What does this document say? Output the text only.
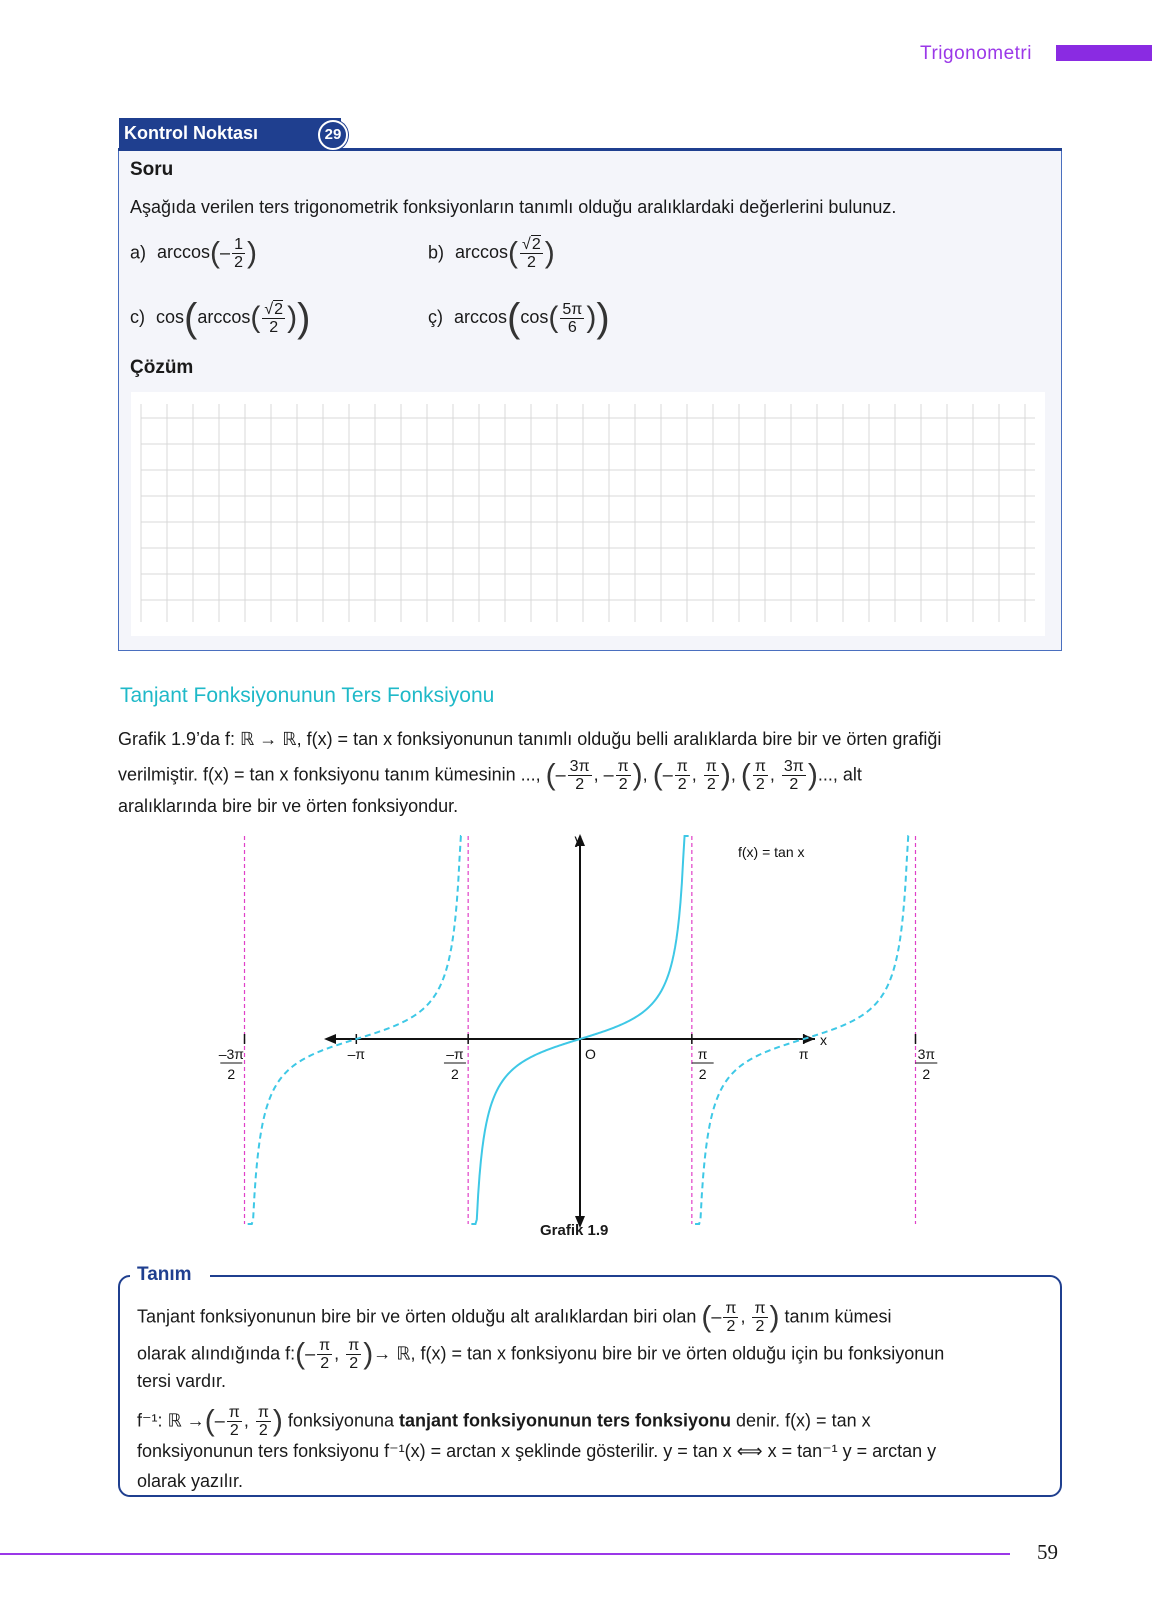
Trigonometri
Kontrol Noktası	29
Soru
Aşağıda verilen ters trigonometrik fonksiyonların tanımlı olduğu aralıklardaki değerlerini bulunuz.
a) $\arccos(- \frac{1}{2}$ )	b) $\arccos( \frac{√2}{2}$ )
c) $\cos(\arccos( \frac{√2}{2}$ ))	ç) $\arccos(\cos( \frac{5\pi}{6}$ ))
Çözüm
Tanjant Fonksiyonunun Ters Fonksiyonu
Grafik 1.9’da f: ℝ → ℝ, f(x) = tan x fonksiyonunun tanımlı olduğu belli aralıklarda bire bir ve örten grafiği
verilmiştir. f(x) = tan x fonksiyonu tanım kümesinin ..., (– $\frac{3\pi}{2}$ , – $\frac{\pi}{2}$ ), (– $\frac{\pi}{2}$ , $\frac{\pi}{2}$ ), ( $\frac{\pi}{2}$ , $\frac{3\pi}{2}$ )..., alt
aralıklarında bire bir ve örten fonksiyondur.
x
y
O
f(x) = tan x
–3π
2
–π	–π
2
π
2
π	3π
2
Grafik 1.9
Tanım
Tanjant fonksiyonunun bire bir ve örten olduğu alt aralıklardan biri olan (– $\frac{\pi}{2}$ , $\frac{\pi}{2}$ ) tanım kümesi
olarak alındığında f:(– $\frac{\pi}{2}$ , $\frac{\pi}{2}$ )→ ℝ, f(x) = tan x fonksiyonu bire bir ve örten olduğu için bu fonksiyonun
tersi vardır.
f⁻¹: ℝ →(– $\frac{\pi}{2}$ , $\frac{\pi}{2}$ ) fonksiyonuna tanjant fonksiyonunun ters fonksiyonu denir. f(x) = tan x
fonksiyonunun ters fonksiyonu f⁻¹(x) = arctan x şeklinde gösterilir. y = tan x ⟺ x = tan⁻¹ y = arctan y
olarak yazılır.
59
